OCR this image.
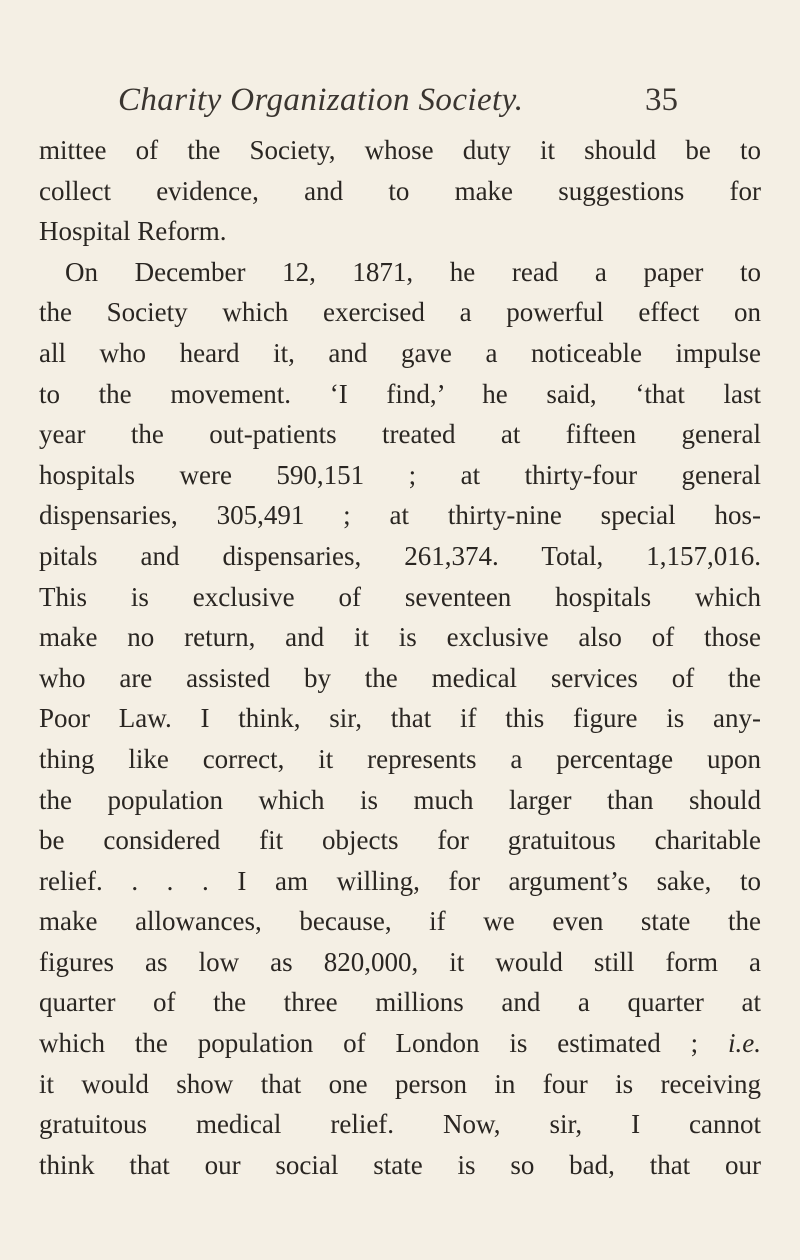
Charity Organization Society.	35
mittee of the Society, whose duty it should be to
collect evidence, and to make suggestions for
Hospital Reform.
On December 12, 1871, he read a paper to
the Society which exercised a powerful effect on
all who heard it, and gave a noticeable impulse
to the movement. ‘I find,’ he said, ‘that last
year the out-patients treated at fifteen general
hospitals were 590,151 ; at thirty-four general
dispensaries, 305,491 ; at thirty-nine special hos-
pitals and dispensaries, 261,374. Total, 1,157,016.
This is exclusive of seventeen hospitals which
make no return, and it is exclusive also of those
who are assisted by the medical services of the
Poor Law. I think, sir, that if this figure is any-
thing like correct, it represents a percentage upon
the population which is much larger than should
be considered fit objects for gratuitous charitable
relief. . . . I am willing, for argument’s sake, to
make allowances, because, if we even state the
figures as low as 820,000, it would still form a
quarter of the three millions and a quarter at
which the population of London is estimated ; i.e.
it would show that one person in four is receiving
gratuitous medical relief. Now, sir, I cannot
think that our social state is so bad, that our
